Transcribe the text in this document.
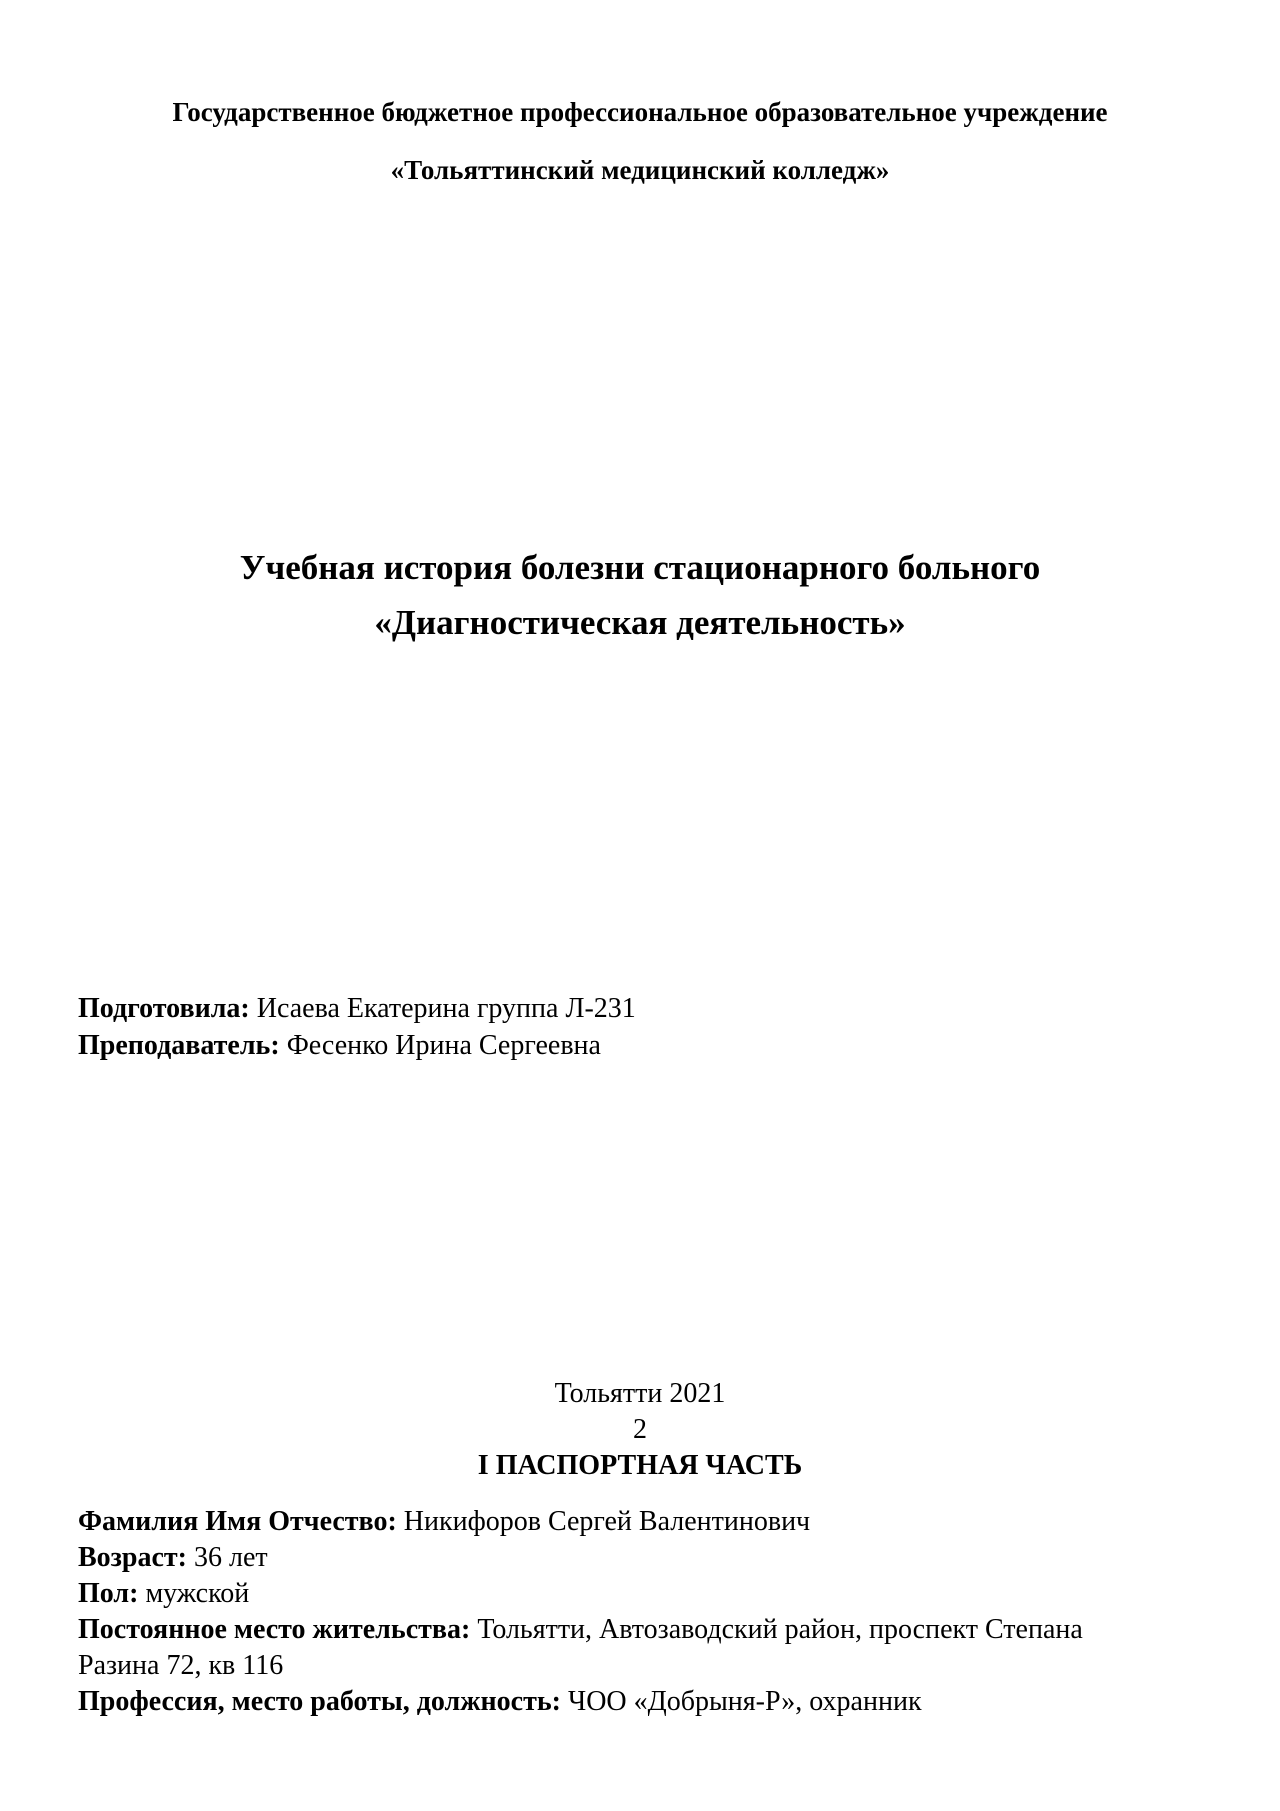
Государственное бюджетное профессиональное образовательное учреждение
«Тольяттинский медицинский колледж»
Учебная история болезни стационарного больного
«Диагностическая деятельность»
Подготовила: Исаева Екатерина группа Л-231
Преподаватель: Фесенко Ирина Сергеевна
Тольятти 2021
2
I ПАСПОРТНАЯ ЧАСТЬ
Фамилия Имя Отчество: Никифоров Сергей Валентинович
Возраст: 36 лет
Пол: мужской
Постоянное место жительства: Тольятти, Автозаводский район, проспект Степана
Разина 72, кв 116
Профессия, место работы, должность: ЧОО «Добрыня-Р», охранник
